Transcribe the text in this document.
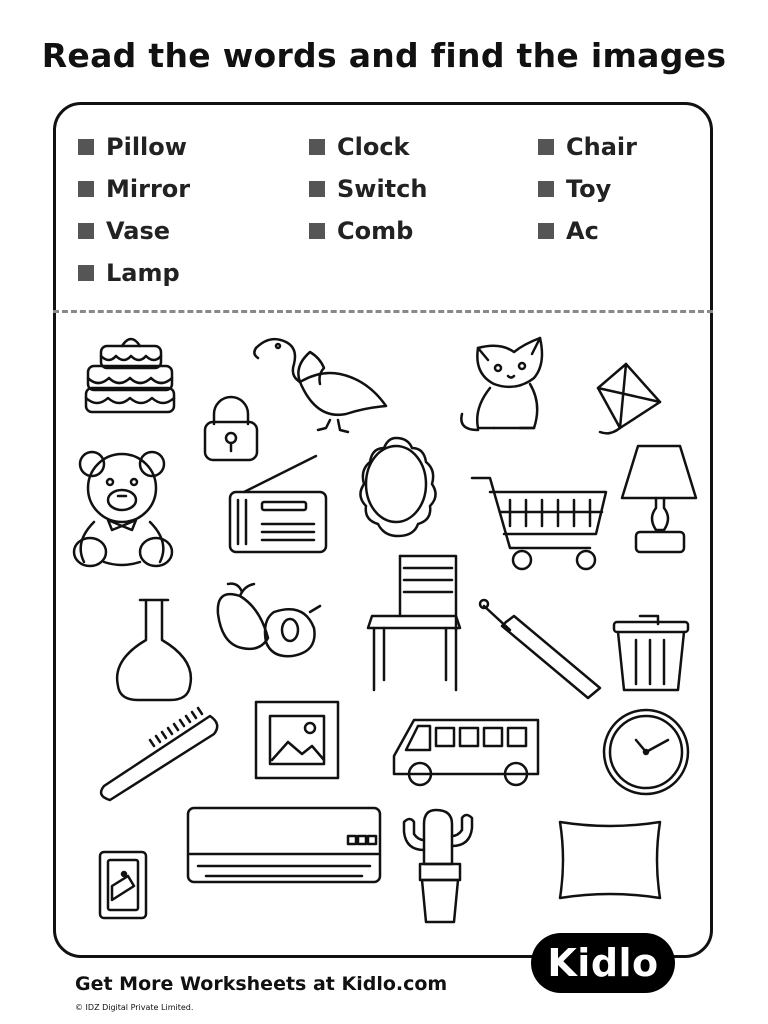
Read the words and find the images
Pillow
Mirror
Vase
Lamp
Clock
Switch
Comb
Chair
Toy
Ac
Get More Worksheets at Kidlo.com
© IDZ Digital Private Limited.
Kidlo
